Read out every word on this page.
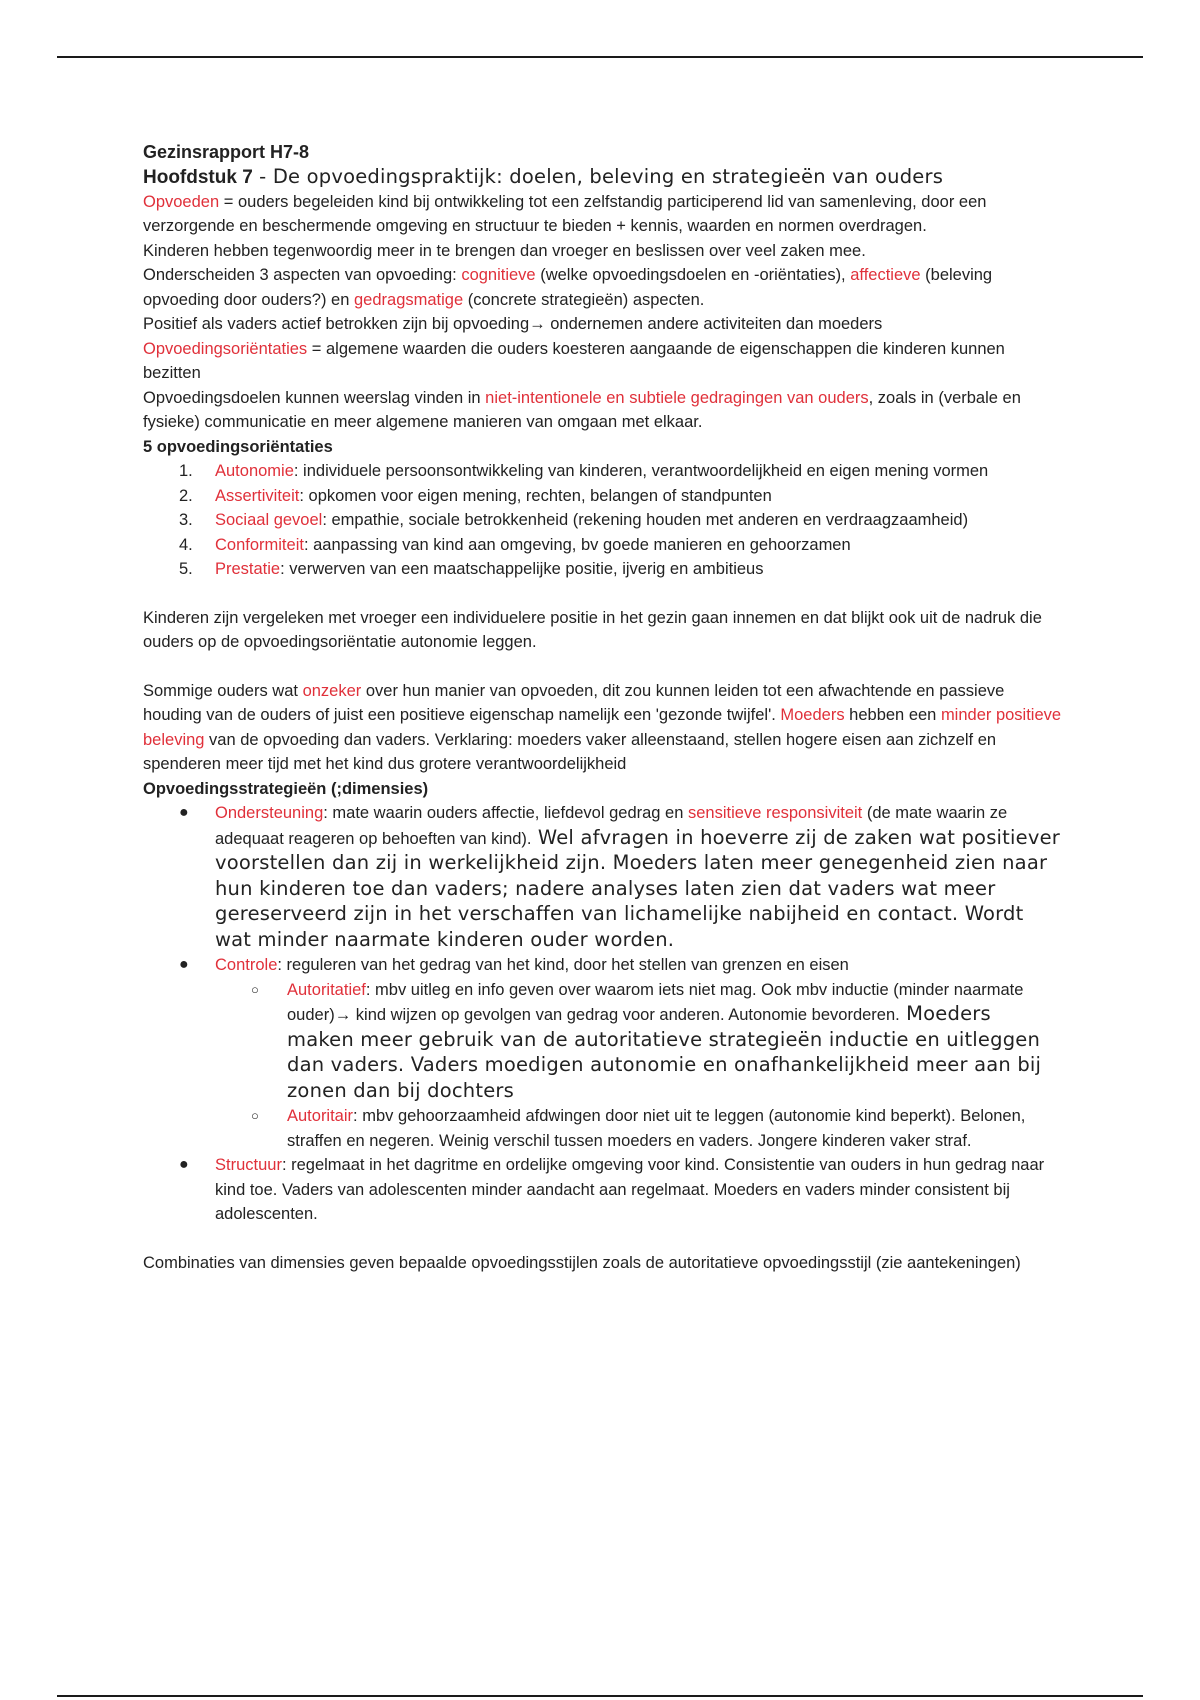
Gezinsrapport H7-8

Hoofdstuk 7 - De opvoedingspraktijk: doelen, beleving en strategieën van ouders

Opvoeden = ouders begeleiden kind bij ontwikkeling tot een zelfstandig participerend lid van samenleving, door een verzorgende en beschermende omgeving en structuur te bieden + kennis, waarden en normen overdragen.

Kinderen hebben tegenwoordig meer in te brengen dan vroeger en beslissen over veel zaken mee.

Onderscheiden 3 aspecten van opvoeding: cognitieve (welke opvoedingsdoelen en -oriëntaties), affectieve (beleving opvoeding door ouders?) en gedragsmatige (concrete strategieën) aspecten.

Positief als vaders actief betrokken zijn bij opvoeding→ ondernemen andere activiteiten dan moeders

Opvoedingsoriëntaties = algemene waarden die ouders koesteren aangaande de eigenschappen die kinderen kunnen bezitten

Opvoedingsdoelen kunnen weerslag vinden in niet-intentionele en subtiele gedragingen van ouders, zoals in (verbale en fysieke) communicatie en meer algemene manieren van omgaan met elkaar.

5 opvoedingsoriëntaties

1. Autonomie: individuele persoonsontwikkeling van kinderen, verantwoordelijkheid en eigen mening vormen
2. Assertiviteit: opkomen voor eigen mening, rechten, belangen of standpunten
3. Sociaal gevoel: empathie, sociale betrokkenheid (rekening houden met anderen en verdraagzaamheid)
4. Conformiteit: aanpassing van kind aan omgeving, bv goede manieren en gehoorzamen
5. Prestatie: verwerven van een maatschappelijke positie, ijverig en ambitieus

Kinderen zijn vergeleken met vroeger een individuelere positie in het gezin gaan innemen en dat blijkt ook uit de nadruk die ouders op de opvoedingsoriëntatie autonomie leggen.

Sommige ouders wat onzeker over hun manier van opvoeden, dit zou kunnen leiden tot een afwachtende en passieve houding van de ouders of juist een positieve eigenschap namelijk een 'gezonde twijfel'. Moeders hebben een minder positieve beleving van de opvoeding dan vaders. Verklaring: moeders vaker alleenstaand, stellen hogere eisen aan zichzelf en spenderen meer tijd met het kind dus grotere verantwoordelijkheid

Opvoedingsstrategieën (;dimensies)

● Ondersteuning: mate waarin ouders affectie, liefdevol gedrag en sensitieve responsiviteit (de mate waarin ze adequaat reageren op behoeften van kind). Wel afvragen in hoeverre zij de zaken wat positiever voorstellen dan zij in werkelijkheid zijn. Moeders laten meer genegenheid zien naar hun kinderen toe dan vaders; nadere analyses laten zien dat vaders wat meer gereserveerd zijn in het verschaffen van lichamelijke nabijheid en contact. Wordt wat minder naarmate kinderen ouder worden.
● Controle: reguleren van het gedrag van het kind, door het stellen van grenzen en eisen
○ Autoritatief: mbv uitleg en info geven over waarom iets niet mag. Ook mbv inductie (minder naarmate ouder)→ kind wijzen op gevolgen van gedrag voor anderen. Autonomie bevorderen. Moeders maken meer gebruik van de autoritatieve strategieën inductie en uitleggen dan vaders. Vaders moedigen autonomie en onafhankelijkheid meer aan bij zonen dan bij dochters
○ Autoritair: mbv gehoorzaamheid afdwingen door niet uit te leggen (autonomie kind beperkt). Belonen, straffen en negeren. Weinig verschil tussen moeders en vaders. Jongere kinderen vaker straf.
● Structuur: regelmaat in het dagritme en ordelijke omgeving voor kind. Consistentie van ouders in hun gedrag naar kind toe. Vaders van adolescenten minder aandacht aan regelmaat. Moeders en vaders minder consistent bij adolescenten.

Combinaties van dimensies geven bepaalde opvoedingsstijlen zoals de autoritatieve opvoedingsstijl (zie aantekeningen)
